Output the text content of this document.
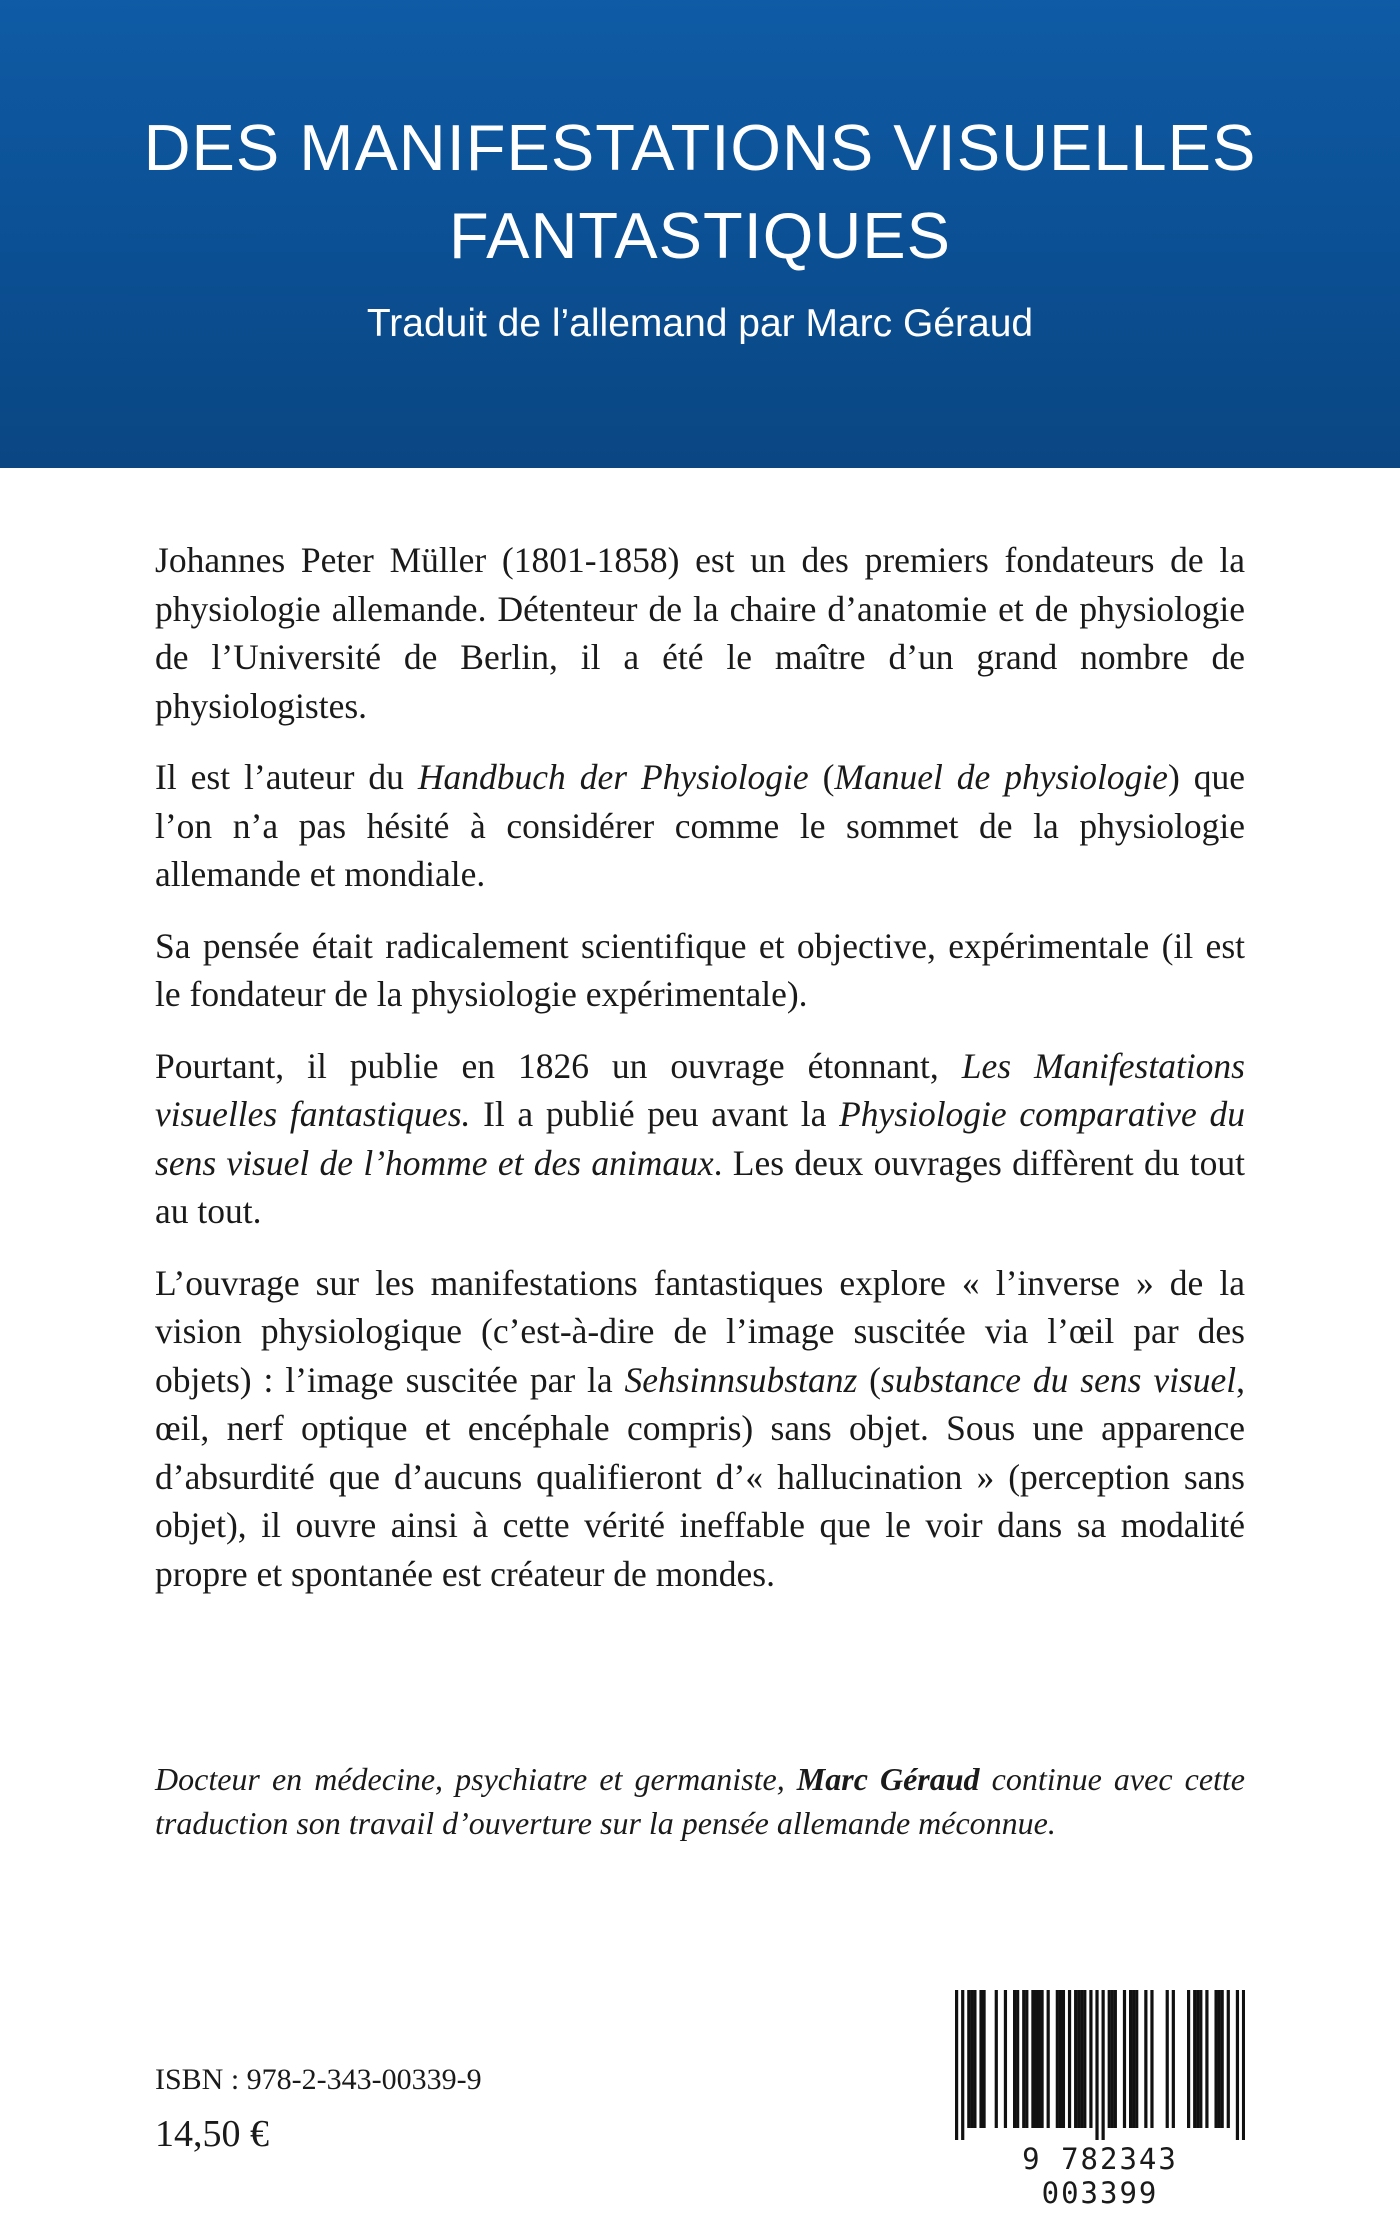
DES MANIFESTATIONS VISUELLES
FANTASTIQUES

Traduit de l’allemand par Marc Géraud

Johannes Peter Müller (1801-1858) est un des premiers fondateurs de la physiologie allemande. Détenteur de la chaire d’anatomie et de physiologie de l’Université de Berlin, il a été le maître d’un grand nombre de physiologistes.

Il est l’auteur du Handbuch der Physiologie (Manuel de physiologie) que l’on n’a pas hésité à considérer comme le sommet de la physiologie allemande et mondiale.

Sa pensée était radicalement scientifique et objective, expérimentale (il est le fondateur de la physiologie expérimentale).

Pourtant, il publie en 1826 un ouvrage étonnant, Les Manifestations visuelles fantastiques. Il a publié peu avant la Physiologie comparative du sens visuel de l’homme et des animaux. Les deux ouvrages diffèrent du tout au tout.

L’ouvrage sur les manifestations fantastiques explore « l’inverse » de la vision physiologique (c’est-à-dire de l’image suscitée via l’œil par des objets) : l’image suscitée par la Sehsinnsubstanz (substance du sens visuel, œil, nerf optique et encéphale compris) sans objet. Sous une apparence d’absurdité que d’aucuns qualifieront d’« hallucination » (perception sans objet), il ouvre ainsi à cette vérité ineffable que le voir dans sa modalité propre et spontanée est créateur de mondes.

Docteur en médecine, psychiatre et germaniste, Marc Géraud continue avec cette traduction son travail d’ouverture sur la pensée allemande méconnue.

ISBN : 978-2-343-00339-9
14,50 €
9 782343 003399
